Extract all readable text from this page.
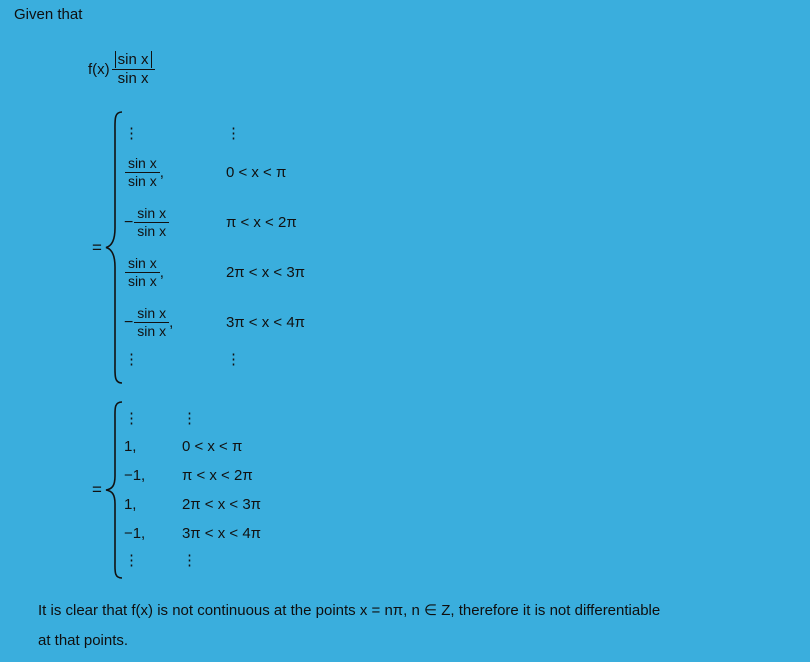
Given that
$f(x) \frac{\text{sin x}}{\text{sin x}}$
=
⋮	⋮
$\frac{\text{sin x}}{\text{sin x}}$ ,	0 < x < π
− $\frac{\text{sin x}}{\text{sin x}}$	π < x < 2π
$\frac{\text{sin x}}{\text{sin x}}$ ,	2π < x < 3π
− $\frac{\text{sin x}}{\text{sin x}}$ ,	3π < x < 4π
⋮	⋮
=
⋮	⋮
1,	0 < x < π
−1,	π < x < 2π
1,	2π < x < 3π
−1,	3π < x < 4π
⋮	⋮
It is clear that f(x) is not continuous at the points x = nπ, n ∈ Z, therefore it is not differentiable
at that points.
